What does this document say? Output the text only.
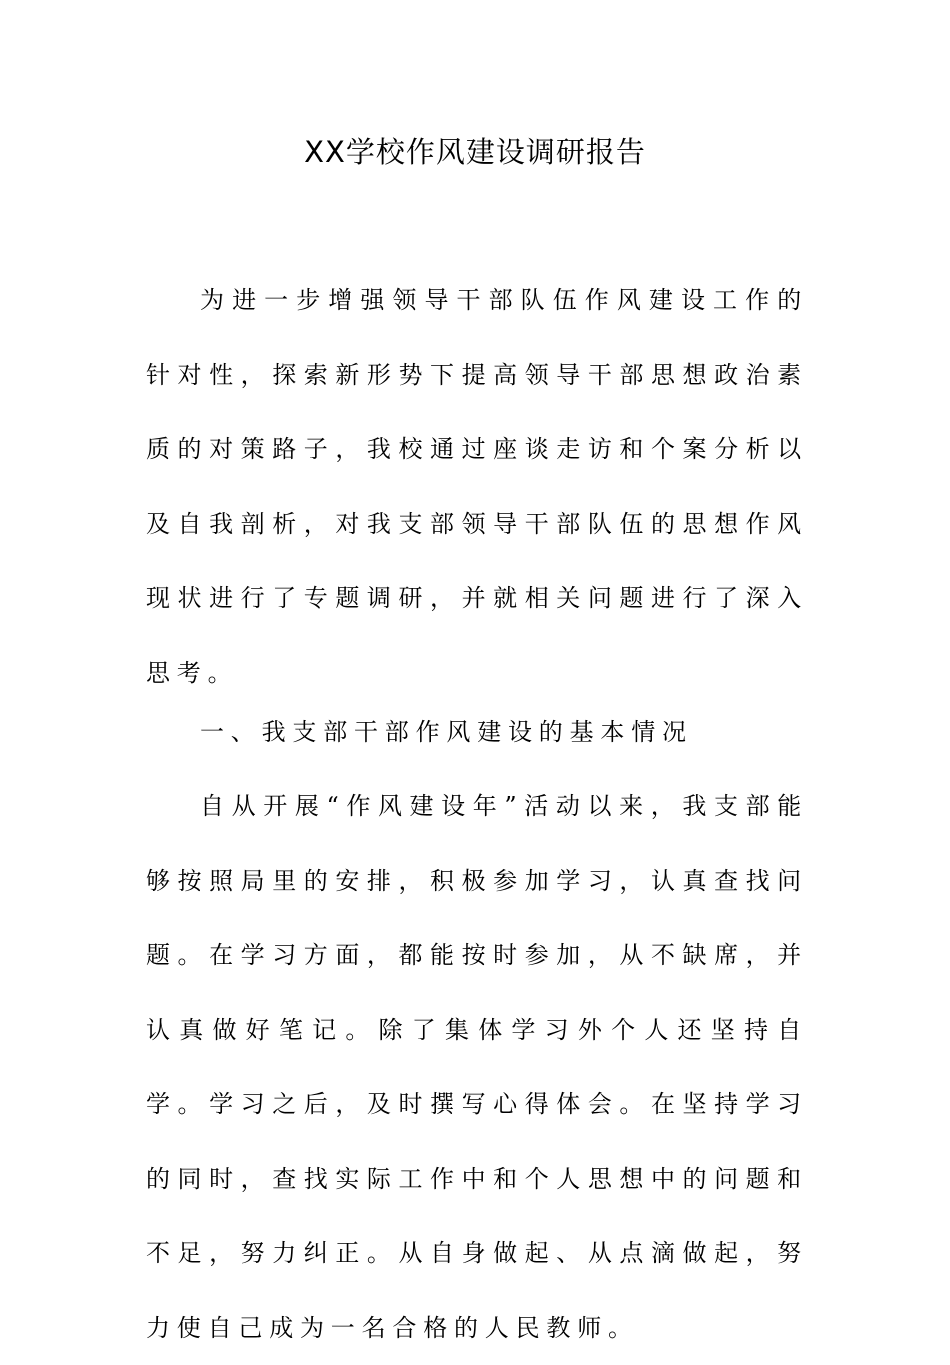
XX学校作风建设调研报告

为进一步增强领导干部队伍作风建设工作的针对性，探索新形势下提高领导干部思想政治素质的对策路子，我校通过座谈走访和个案分析以及自我剖析，对我支部领导干部队伍的思想作风现状进行了专题调研，并就相关问题进行了深入思考。

一、我支部干部作风建设的基本情况

自从开展“作风建设年”活动以来，我支部能够按照局里的安排，积极参加学习，认真查找问题。在学习方面，都能按时参加，从不缺席，并认真做好笔记。除了集体学习外个人还坚持自学。学习之后，及时撰写心得体会。在坚持学习的同时，查找实际工作中和个人思想中的问题和不足，努力纠正。从自身做起、从点滴做起，努力使自己成为一名合格的人民教师。
